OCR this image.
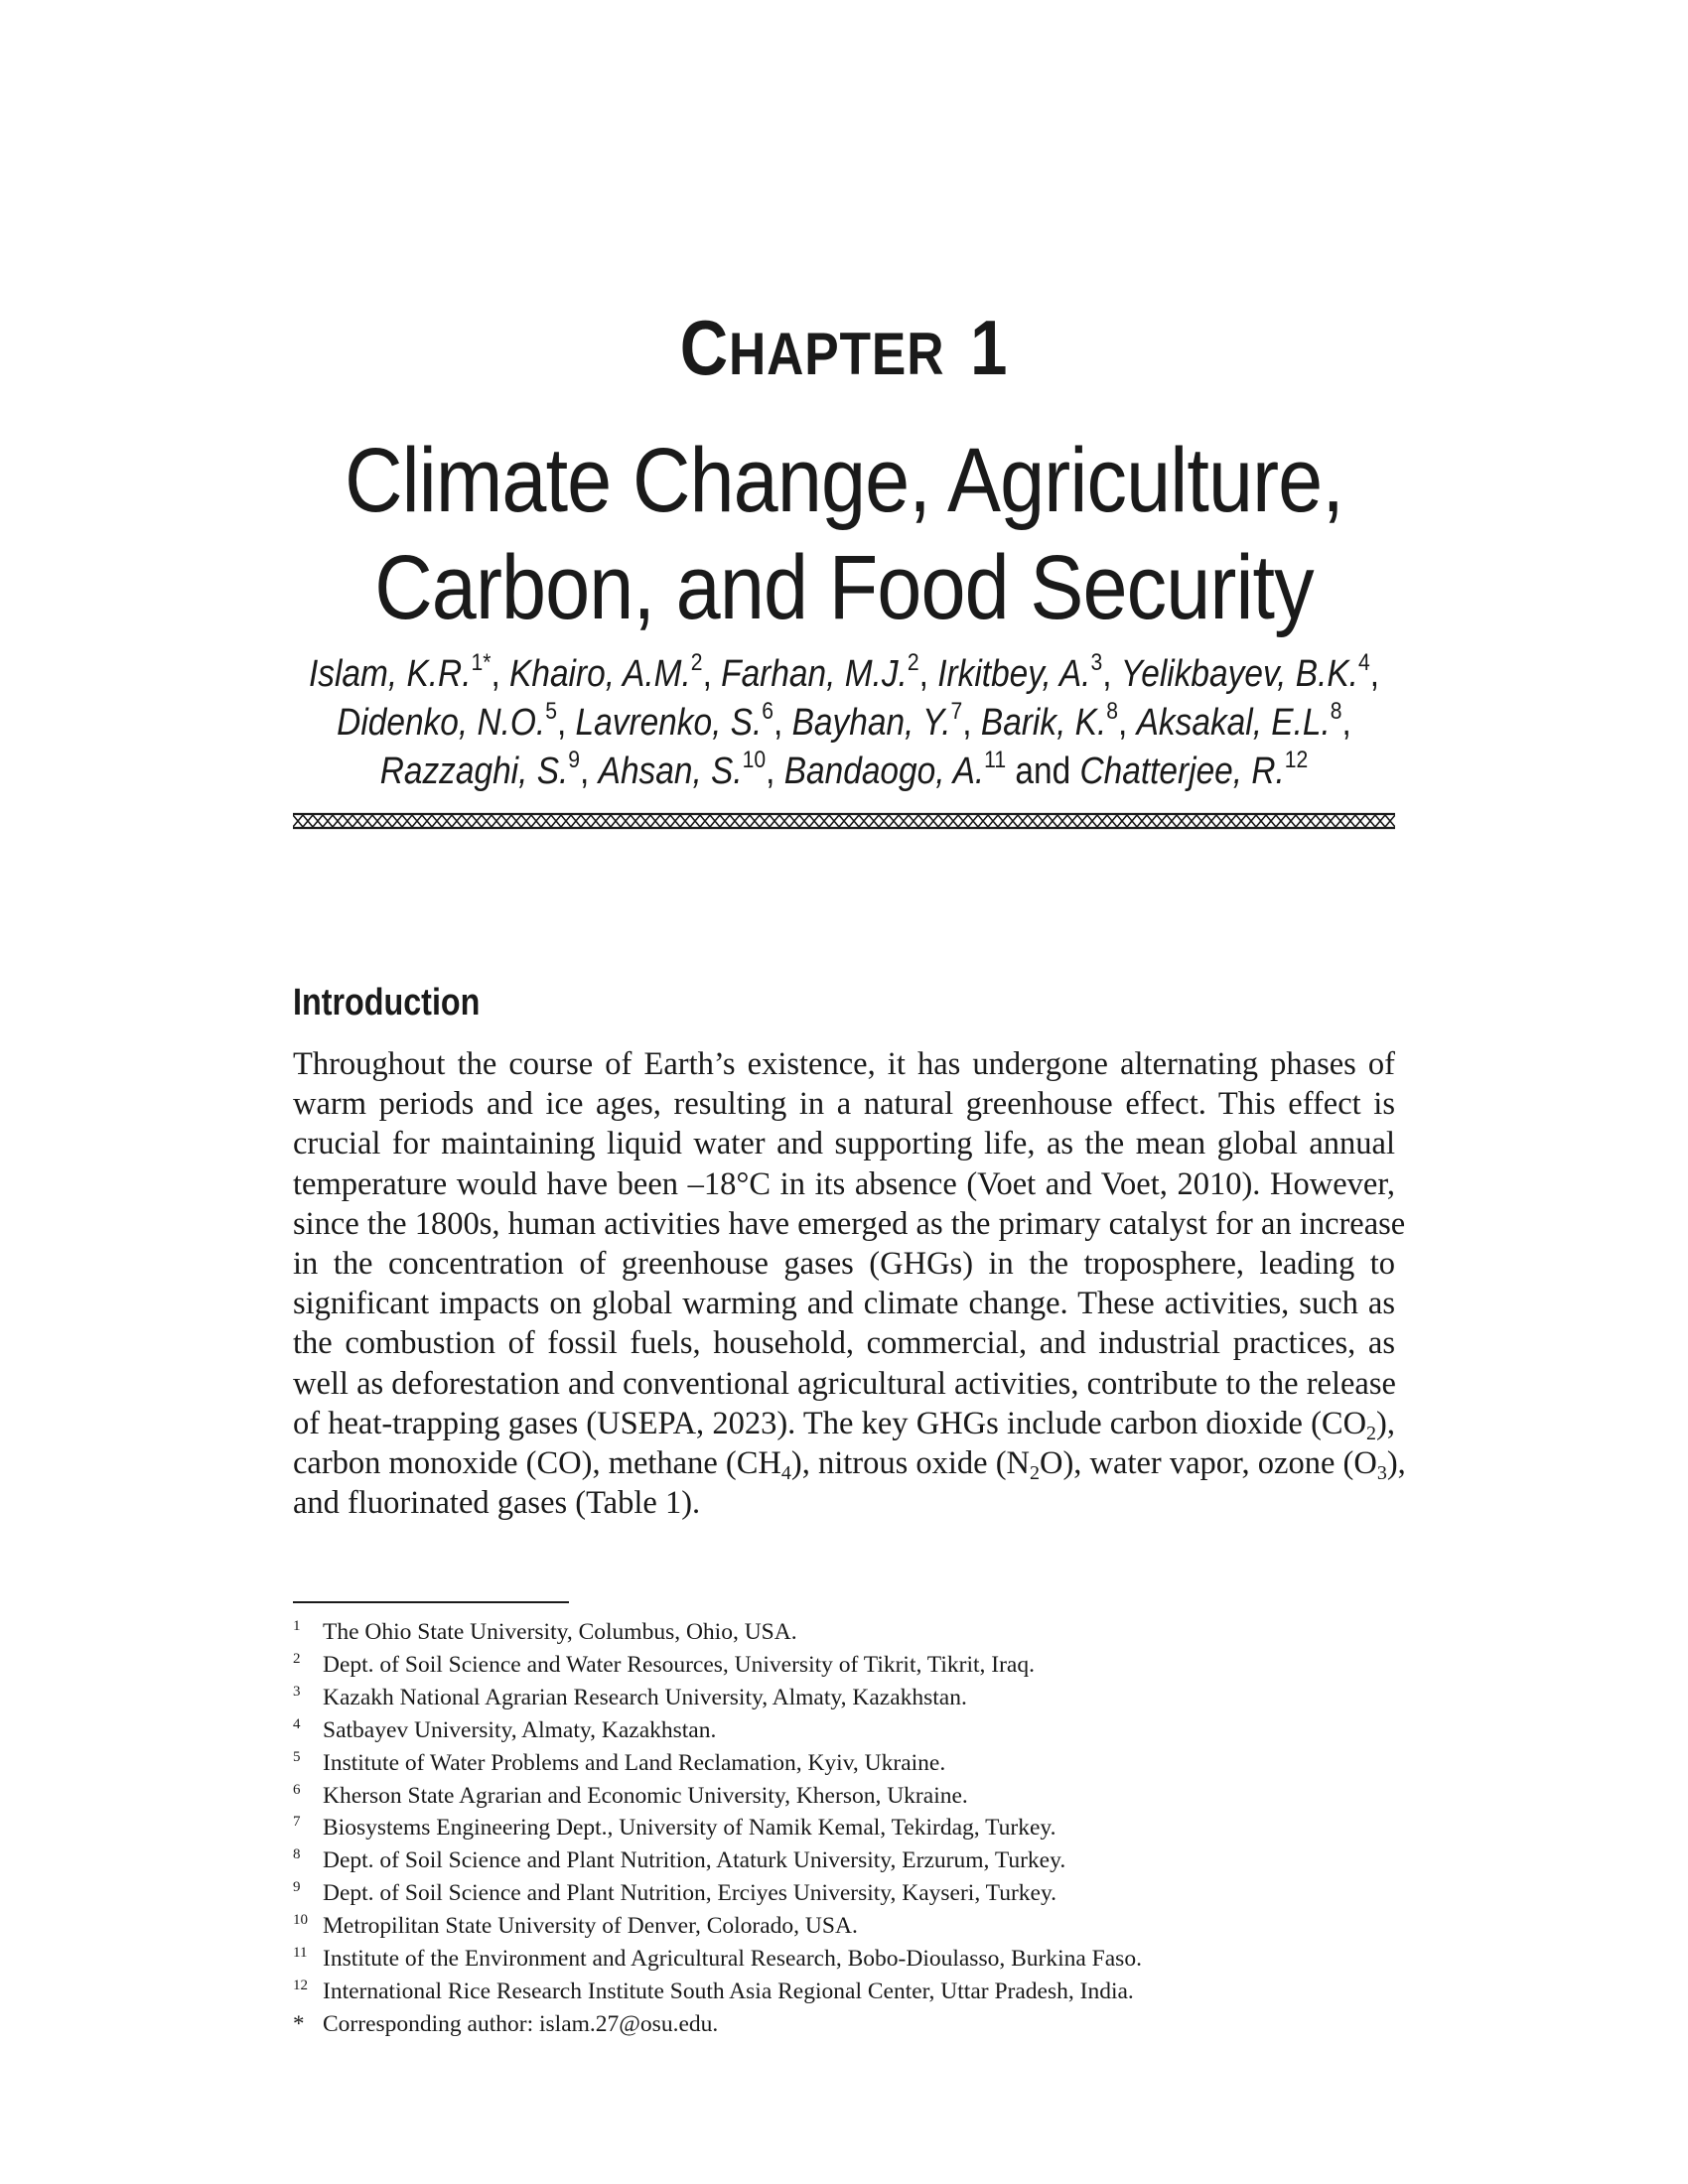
CHAPTER 1
Climate Change, Agriculture,
Carbon, and Food Security
Islam, K.R.$^{1*}$, Khairo, A.M.$^2$, Farhan, M.J.$^2$, Irkitbey, A.$^3$, Yelikbayev, B.K.$^4$,
Didenko, N.O.$^5$, Lavrenko, S.$^6$, Bayhan, Y.$^7$, Barik, K.$^8$, Aksakal, E.L.$^8$,
Razzaghi, S.$^9$, Ahsan, S.$^{10}$, Bandaogo, A.$^{11}$ and Chatterjee, R.$^{12}$
Introduction
Throughout the course of Earth’s existence, it has undergone alternating phases of
warm periods and ice ages, resulting in a natural greenhouse effect. This effect is
crucial for maintaining liquid water and supporting life, as the mean global annual
temperature would have been –18°C in its absence (Voet and Voet, 2010). However,
since the 1800s, human activities have emerged as the primary catalyst for an increase
in the concentration of greenhouse gases (GHGs) in the troposphere, leading to
significant impacts on global warming and climate change. These activities, such as
the combustion of fossil fuels, household, commercial, and industrial practices, as
well as deforestation and conventional agricultural activities, contribute to the release
of heat-trapping gases (USEPA, 2023). The key GHGs include carbon dioxide $(CO_2)$,
carbon monoxide (CO), methane $(CH_4)$, nitrous oxide $(N_2O)$, water vapor, ozone $(O_3)$,
and fluorinated gases (Table 1).
1 The Ohio State University, Columbus, Ohio, USA.
2 Dept. of Soil Science and Water Resources, University of Tikrit, Tikrit, Iraq.
3 Kazakh National Agrarian Research University, Almaty, Kazakhstan.
4 Satbayev University, Almaty, Kazakhstan.
5 Institute of Water Problems and Land Reclamation, Kyiv, Ukraine.
6 Kherson State Agrarian and Economic University, Kherson, Ukraine.
7 Biosystems Engineering Dept., University of Namik Kemal, Tekirdag, Turkey.
8 Dept. of Soil Science and Plant Nutrition, Ataturk University, Erzurum, Turkey.
9 Dept. of Soil Science and Plant Nutrition, Erciyes University, Kayseri, Turkey.
10 Metropilitan State University of Denver, Colorado, USA.
11 Institute of the Environment and Agricultural Research, Bobo-Dioulasso, Burkina Faso.
12 International Rice Research Institute South Asia Regional Center, Uttar Pradesh, India.
* Corresponding author: islam.27@osu.edu.
